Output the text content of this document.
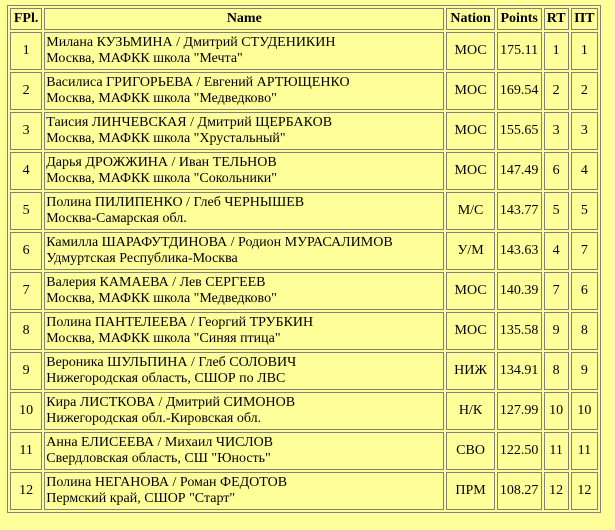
FPl.	Name	Nation	Points	RT	ПТ
1	Милана КУЗЬМИНА / Дмитрий СТУДЕНИКИН
Москва, МАФКК школа "Мечта"	МОС	175.11	1	1
2	Василиса ГРИГОРЬЕВА / Евгений АРТЮЩЕНКО
Москва, МАФКК школа "Медведково"	МОС	169.54	2	2
3	Таисия ЛИНЧЕВСКАЯ / Дмитрий ЩЕРБАКОВ
Москва, МАФКК школа "Хрустальный"	МОС	155.65	3	3
4	Дарья ДРОЖЖИНА / Иван ТЕЛЬНОВ
Москва, МАФКК школа "Сокольники"	МОС	147.49	6	4
5	Полина ПИЛИПЕНКО / Глеб ЧЕРНЫШЕВ
Москва-Самарская обл.	М/С	143.77	5	5
6	Камилла ШАРАФУТДИНОВА / Родион МУРАСАЛИМОВ
Удмуртская Республика-Москва	У/М	143.63	4	7
7	Валерия КАМАЕВА / Лев СЕРГЕЕВ
Москва, МАФКК школа "Медведково"	МОС	140.39	7	6
8	Полина ПАНТЕЛЕЕВА / Георгий ТРУБКИН
Москва, МАФКК школа "Синяя птица"	МОС	135.58	9	8
9	Вероника ШУЛЬПИНА / Глеб СОЛОВИЧ
Нижегородская область, СШОР по ЛВС	НИЖ	134.91	8	9
10	Кира ЛИСТКОВА / Дмитрий СИМОНОВ
Нижегородская обл.-Кировская обл.	Н/К	127.99	10	10
11	Анна ЕЛИСЕЕВА / Михаил ЧИСЛОВ
Свердловская область, СШ "Юность"	СВО	122.50	11	11
12	Полина НЕГАНОВА / Роман ФЕДОТОВ
Пермский край, СШОР "Старт"	ПРМ	108.27	12	12
